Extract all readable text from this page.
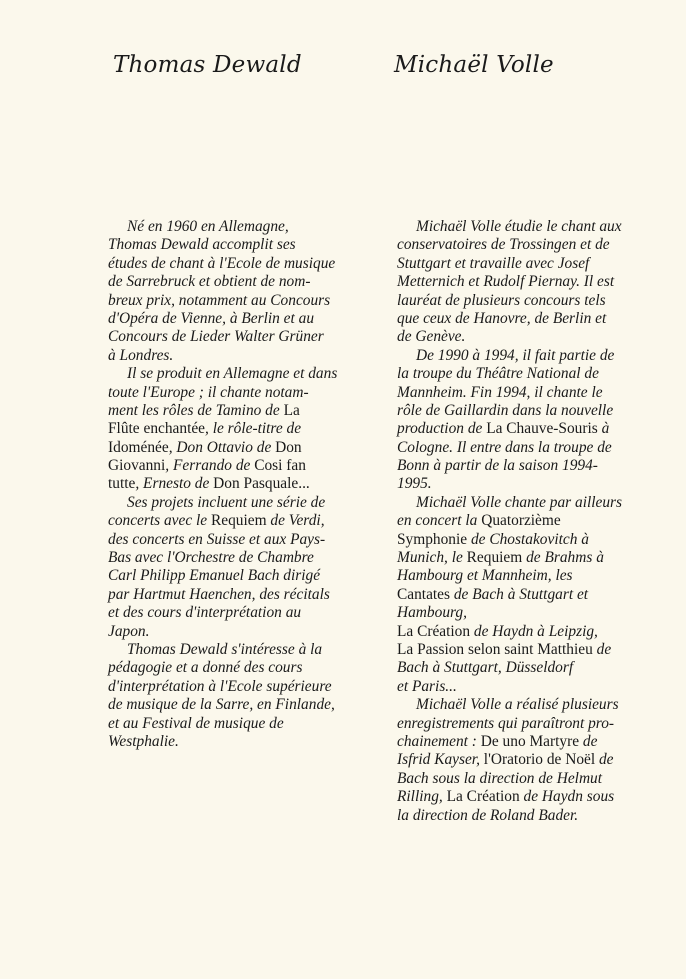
Thomas Dewald	Michaël Volle
Né en 1960 en Allemagne,
Thomas Dewald accomplit ses
études de chant à l'Ecole de musique
de Sarrebruck et obtient de nom-
breux prix, notamment au Concours
d'Opéra de Vienne, à Berlin et au
Concours de Lieder Walter Grüner
à Londres.
Il se produit en Allemagne et dans
toute l'Europe ; il chante notam-
ment les rôles de Tamino de La
Flûte enchantée, le rôle-titre de
Idoménée, Don Ottavio de Don
Giovanni, Ferrando de Cosi fan
tutte, Ernesto de Don Pasquale...
Ses projets incluent une série de
concerts avec le Requiem de Verdi,
des concerts en Suisse et aux Pays-
Bas avec l'Orchestre de Chambre
Carl Philipp Emanuel Bach dirigé
par Hartmut Haenchen, des récitals
et des cours d'interprétation au
Japon.
Thomas Dewald s'intéresse à la
pédagogie et a donné des cours
d'interprétation à l'Ecole supérieure
de musique de la Sarre, en Finlande,
et au Festival de musique de
Westphalie.
Michaël Volle étudie le chant aux
conservatoires de Trossingen et de
Stuttgart et travaille avec Josef
Metternich et Rudolf Piernay. Il est
lauréat de plusieurs concours tels
que ceux de Hanovre, de Berlin et
de Genève.
De 1990 à 1994, il fait partie de
la troupe du Théâtre National de
Mannheim. Fin 1994, il chante le
rôle de Gaillardin dans la nouvelle
production de La Chauve-Souris à
Cologne. Il entre dans la troupe de
Bonn à partir de la saison 1994-
1995.
Michaël Volle chante par ailleurs
en concert la Quatorzième
Symphonie de Chostakovitch à
Munich, le Requiem de Brahms à
Hambourg et Mannheim, les
Cantates de Bach à Stuttgart et
Hambourg,
La Création de Haydn à Leipzig,
La Passion selon saint Matthieu de
Bach à Stuttgart, Düsseldorf
et Paris...
Michaël Volle a réalisé plusieurs
enregistrements qui paraîtront pro-
chainement : De uno Martyre de
Isfrid Kayser, l'Oratorio de Noël de
Bach sous la direction de Helmut
Rilling, La Création de Haydn sous
la direction de Roland Bader.
